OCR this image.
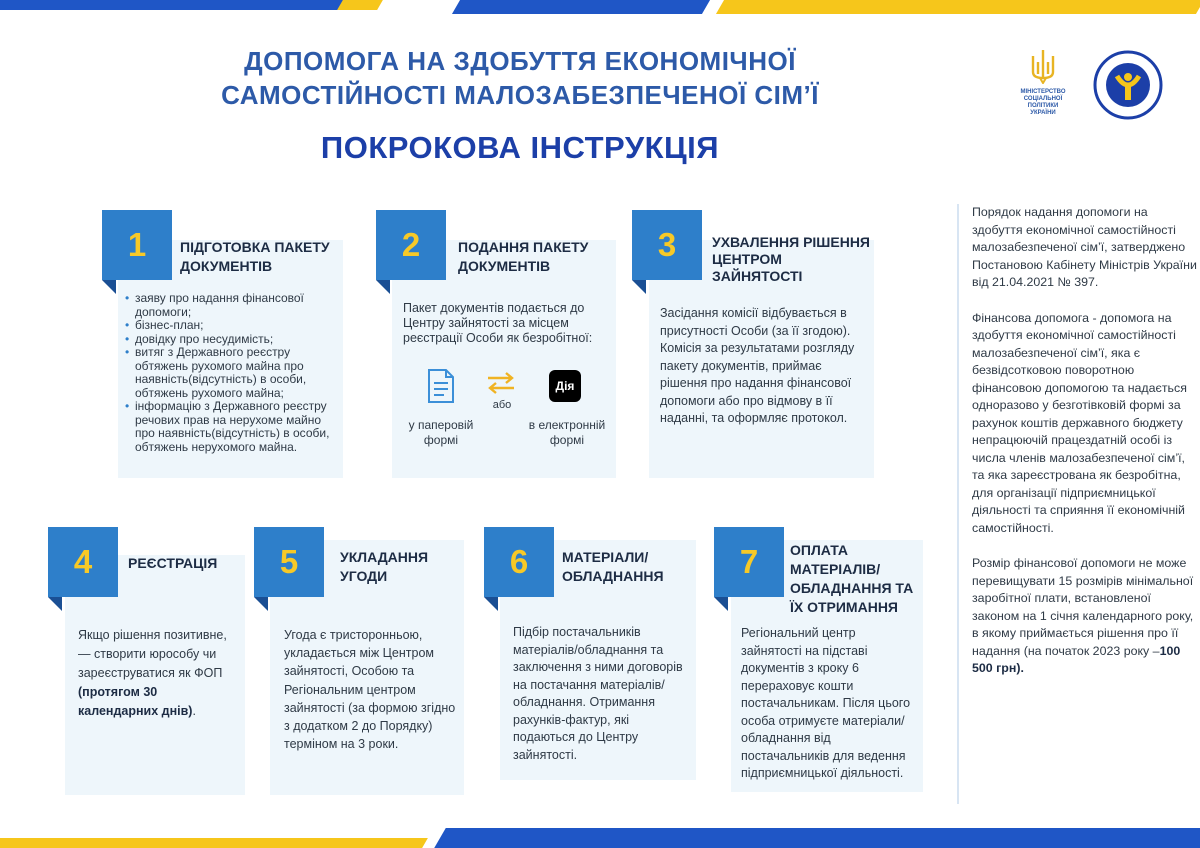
ДОПОМОГА НА ЗДОБУТТЯ ЕКОНОМІЧНОЇ
САМОСТІЙНОСТІ МАЛОЗАБЕЗПЕЧЕНОЇ СІМ’Ї
ПОКРОКОВА ІНСТРУКЦІЯ
МІНІСТЕРСТВО
СОЦІАЛЬНОЇ ПОЛІТИКИ
УКРАЇНИ
1	ПІДГОТОВКА ПАКЕТУ
ДОКУМЕНТІВ
• заяву про надання фінансової допомоги;
• бізнес-план;
• довідку про несудимість;
• витяг з Державного реєстру обтяжень рухомого майна про наявність(відсутність) в особи, обтяжень рухомого майна;
• інформацію з Державного реєстру речових прав на нерухоме майно про наявність(відсутність) в особи, обтяжень нерухомого майна.
2	ПОДАННЯ ПАКЕТУ
ДОКУМЕНТІВ
Пакет документів подається до Центру зайнятості за місцем реєстрації Особи як безробітної:
або
Дія
у паперовій
формі
в електронній
формі
3	УХВАЛЕННЯ РІШЕННЯ
ЦЕНТРОМ
ЗАЙНЯТОСТІ
Засідання комісії відбувається в присутності Особи (за її згодою). Комісія за результатами розгляду пакету документів, приймає рішення про надання фінансової допомоги або про відмову в її наданні, та оформляє протокол.
4	РЕЄСТРАЦІЯ
Якщо рішення позитивне, — створити юрособу чи зареєструватися як ФОП (протягом 30 календарних днів).
5	УКЛАДАННЯ
УГОДИ
Угода є тристоронньою, укладається між Центром зайнятості, Особою та Регіональним центром зайнятості (за формою згідно з додатком 2 до Порядку) терміном на 3 роки.
6	МАТЕРІАЛИ/
ОБЛАДНАННЯ
Підбір постачальників матеріалів/обладнання та заключення з ними договорів на постачання матеріалів/обладнання. Отримання рахунків-фактур, які подаються до Центру зайнятості.
7	ОПЛАТА
МАТЕРІАЛІВ/
ОБЛАДНАННЯ ТА
ЇХ ОТРИМАННЯ
Регіональний центр зайнятості на підставі документів з кроку 6 перераховує кошти постачальникам. Після цього особа отримуєте матеріали/ обладнання від постачальників для ведення підприємницької діяльності.

Порядок надання допомоги на здобуття економічної самостійності малозабезпеченої сім’ї, затверджено Постановою Кабінету Міністрів України від 21.04.2021 № 397.

Фінансова допомога - допомога на здобуття економічної самостійності малозабезпеченої сім’ї, яка є безвідсотковою поворотною фінансовою допомогою та надається одноразово у безготівковій формі за рахунок коштів державного бюджету непрацюючій працездатній особі із числа членів малозабезпеченої сім’ї, та яка зареєстрована як безробітна, для організації підприємницької діяльності та сприяння її економічній самостійності.

Розмір фінансової допомоги не може перевищувати 15 розмірів мінімальної заробітної плати, встановленої законом на 1 січня календарного року, в якому приймається рішення про її надання (на початок 2023 року –100 500 грн).
